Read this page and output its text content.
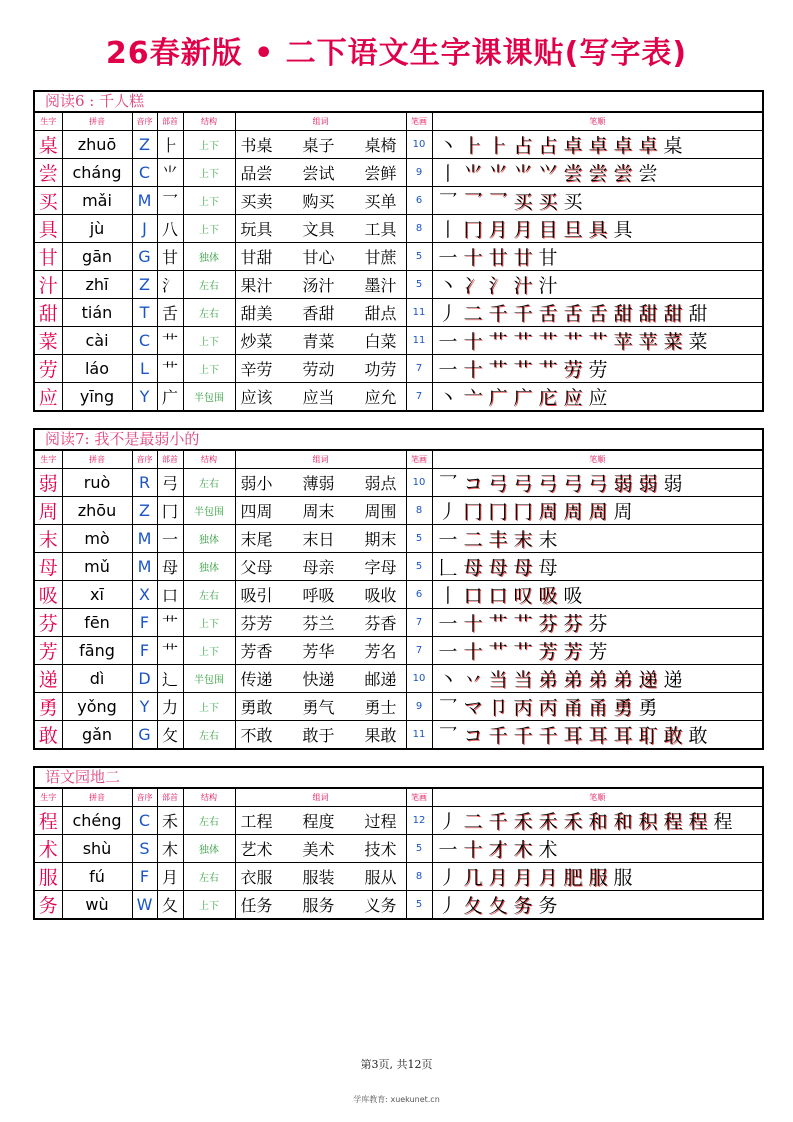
26春新版 • 二下语文生字课课贴(写字表)
阅读6 : 千人糕
生字	拼音	音序	部首	结构	组词	笔画	笔顺
桌	zhuō	Z	⺊	上下	书桌 桌子 桌椅	10	丶 ⺊ ⺊ 占 占 卓 卓 卓 卓 桌
尝	cháng	C	⺌	上下	品尝 尝试 尝鲜	9	丨 ⺌ ⺌ ⺌ ⺍ 尝 尝 尝 尝
买	mǎi	M	乛	上下	买卖 购买 买单	6	乛 乛 乛 买 买 买
具	jù	J	八	上下	玩具 文具 工具	8	丨 冂 月 月 目 旦 具 具
甘	gān	G	甘	独体	甘甜 甘心 甘蔗	5	一 十 廿 廿 甘
汁	zhī	Z	氵	左右	果汁 汤汁 墨汁	5	丶 冫 氵 汁 汁
甜	tián	T	舌	左右	甜美 香甜 甜点	11	丿 二 千 千 舌 舌 舌 甜 甜 甜 甜
菜	cài	C	艹	上下	炒菜 青菜 白菜	11	一 十 艹 艹 艹 艹 艹 苹 苹 菜 菜
劳	láo	L	艹	上下	辛劳 劳动 功劳	7	一 十 艹 艹 艹 劳 劳
应	yīng	Y	广	半包围	应该 应当 应允	7	丶 亠 广 广 庀 应 应
阅读7: 我不是最弱小的
生字	拼音	音序	部首	结构	组词	笔画	笔顺
弱	ruò	R	弓	左右	弱小 薄弱 弱点	10	乛 コ 弓 弓 弓 弓 弓 弱 弱 弱
周	zhōu	Z	冂	半包围	四周 周末 周围	8	丿 冂 冂 冂 周 周 周 周
末	mò	M	一	独体	末尾 末日 期末	5	一 二 丰 末 末
母	mǔ	M	母	独体	父母 母亲 字母	5	𠃊 母 母 母 母
吸	xī	X	口	左右	吸引 呼吸 吸收	6	丨 口 口 叹 吸 吸
芬	fēn	F	艹	上下	芬芳 芬兰 芬香	7	一 十 艹 艹 芬 芬 芬
芳	fāng	F	艹	上下	芳香 芳华 芳名	7	一 十 艹 艹 芳 芳 芳
递	dì	D	辶	半包围	传递 快递 邮递	10	丶 丷 当 当 弟 弟 弟 弟 递 递
勇	yǒng	Y	力	上下	勇敢 勇气 勇士	9	乛 マ 卩 丙 丙 甬 甬 勇 勇
敢	gǎn	G	攵	左右	不敢 敢于 果敢	11	乛 コ 千 千 千 耳 耳 耳 耵 敢 敢
语文园地二
生字	拼音	音序	部首	结构	组词	笔画	笔顺
程	chéng	C	禾	左右	工程 程度 过程	12	丿 二 千 禾 禾 禾 和 和 积 程 程 程
术	shù	S	木	独体	艺术 美术 技术	5	一 十 才 木 术
服	fú	F	月	左右	衣服 服装 服从	8	丿 几 月 月 月 肥 服 服
务	wù	W	夂	上下	任务 服务 义务	5	丿 夂 夂 务 务
第3页, 共12页
学库教育: xuekunet.cn
